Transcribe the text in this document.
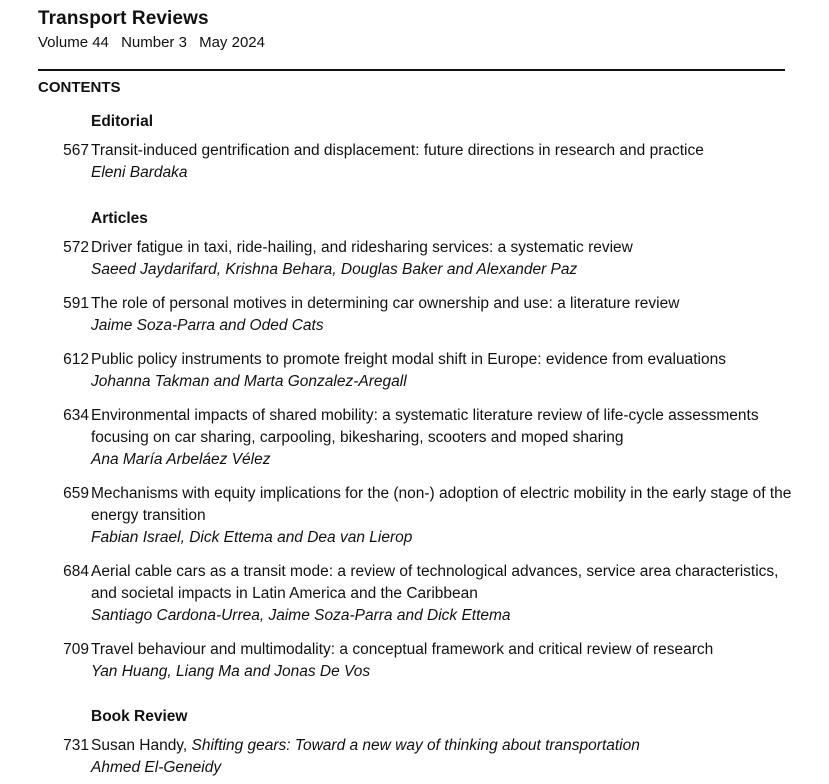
Transport Reviews
Volume 44 Number 3 May 2024
CONTENTS
Editorial
567 Transit-induced gentrification and displacement: future directions in research and practice
Eleni Bardaka
Articles
572 Driver fatigue in taxi, ride-hailing, and ridesharing services: a systematic review
Saeed Jaydarifard, Krishna Behara, Douglas Baker and Alexander Paz
591 The role of personal motives in determining car ownership and use: a literature review
Jaime Soza-Parra and Oded Cats
612 Public policy instruments to promote freight modal shift in Europe: evidence from evaluations
Johanna Takman and Marta Gonzalez-Aregall
634 Environmental impacts of shared mobility: a systematic literature review of life-cycle assessments focusing on car sharing, carpooling, bikesharing, scooters and moped sharing
Ana María Arbeláez Vélez
659 Mechanisms with equity implications for the (non-) adoption of electric mobility in the early stage of the energy transition
Fabian Israel, Dick Ettema and Dea van Lierop
684 Aerial cable cars as a transit mode: a review of technological advances, service area characteristics, and societal impacts in Latin America and the Caribbean
Santiago Cardona-Urrea, Jaime Soza-Parra and Dick Ettema
709 Travel behaviour and multimodality: a conceptual framework and critical review of research
Yan Huang, Liang Ma and Jonas De Vos
Book Review
731 Susan Handy, Shifting gears: Toward a new way of thinking about transportation
Ahmed El-Geneidy
